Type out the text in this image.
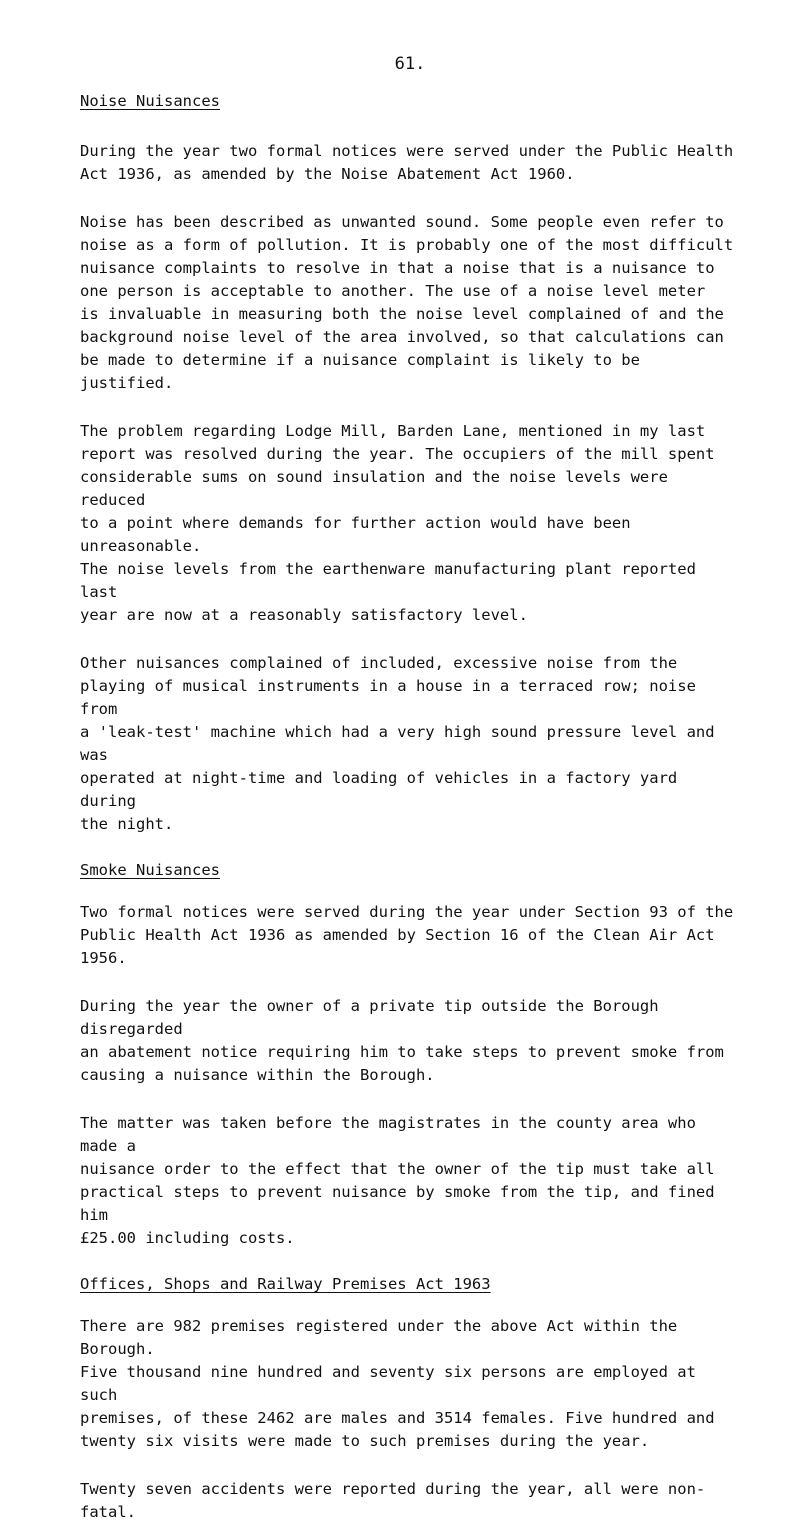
61.
Noise Nuisances

During the year two formal notices were served under the Public Health
Act 1936, as amended by the Noise Abatement Act 1960.

Noise has been described as unwanted sound. Some people even refer to
noise as a form of pollution. It is probably one of the most difficult
nuisance complaints to resolve in that a noise that is a nuisance to
one person is acceptable to another. The use of a noise level meter
is invaluable in measuring both the noise level complained of and the
background noise level of the area involved, so that calculations can
be made to determine if a nuisance complaint is likely to be justified.

The problem regarding Lodge Mill, Barden Lane, mentioned in my last
report was resolved during the year. The occupiers of the mill spent
considerable sums on sound insulation and the noise levels were reduced
to a point where demands for further action would have been unreasonable.
The noise levels from the earthenware manufacturing plant reported last
year are now at a reasonably satisfactory level.

Other nuisances complained of included, excessive noise from the
playing of musical instruments in a house in a terraced row; noise from
a 'leak-test' machine which had a very high sound pressure level and was
operated at night-time and loading of vehicles in a factory yard during
the night.

Smoke Nuisances

Two formal notices were served during the year under Section 93 of the
Public Health Act 1936 as amended by Section 16 of the Clean Air Act 1956.

During the year the owner of a private tip outside the Borough disregarded
an abatement notice requiring him to take steps to prevent smoke from
causing a nuisance within the Borough.

The matter was taken before the magistrates in the county area who made a
nuisance order to the effect that the owner of the tip must take all
practical steps to prevent nuisance by smoke from the tip, and fined him
£25.00 including costs.

Offices, Shops and Railway Premises Act 1963

There are 982 premises registered under the above Act within the Borough.
Five thousand nine hundred and seventy six persons are employed at such
premises, of these 2462 are males and 3514 females. Five hundred and
twenty six visits were made to such premises during the year.

Twenty seven accidents were reported during the year, all were non-fatal.
